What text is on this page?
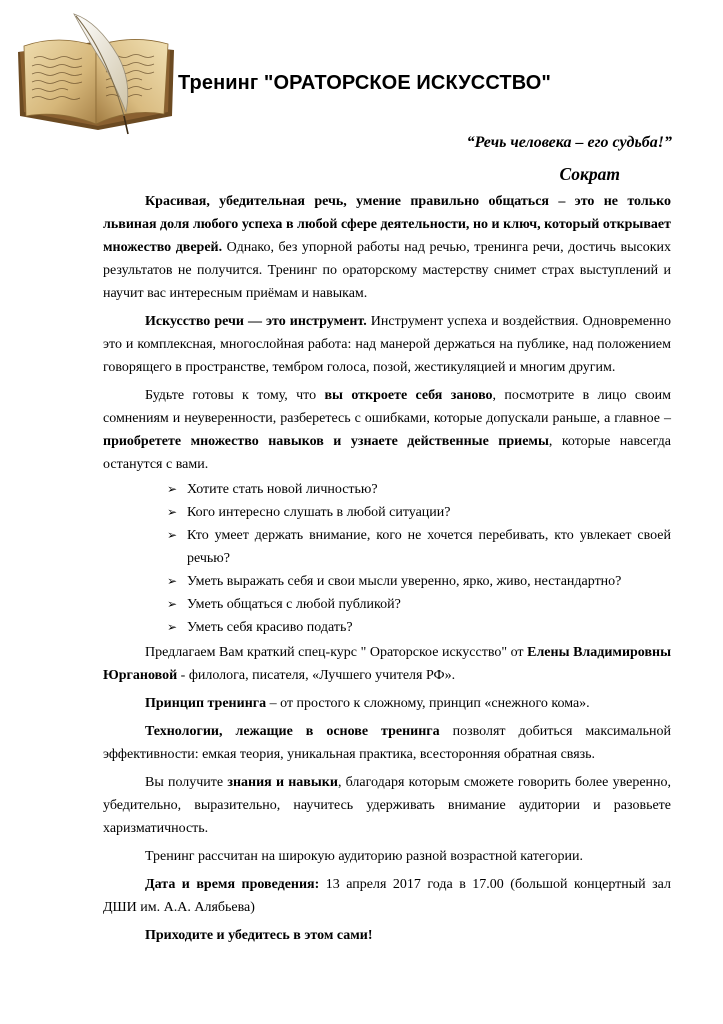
Тренинг "ОРАТОРСКОЕ ИСКУССТВО"
“Речь человека – его судьба!”
Сократ

Красивая, убедительная речь, умение правильно общаться – это не только львиная доля любого успеха в любой сфере деятельности, но и ключ, который открывает множество дверей. Однако, без упорной работы над речью, тренинга речи, достичь высоких результатов не получится. Тренинг по ораторскому мастерству снимет страх выступлений и научит вас интересным приёмам и навыкам.

Искусство речи — это инструмент. Инструмент успеха и воздействия. Одновременно это и комплексная, многослойная работа: над манерой держаться на публике, над положением говорящего в пространстве, тембром голоса, позой, жестикуляцией и многим другим.

Будьте готовы к тому, что вы откроете себя заново, посмотрите в лицо своим сомнениям и неуверенности, разберетесь с ошибками, которые допускали раньше, а главное – приобретете множество навыков и узнаете действенные приемы, которые навсегда останутся с вами.

➢ Хотите стать новой личностью?
➢ Кого интересно слушать в любой ситуации?
➢ Кто умеет держать внимание, кого не хочется перебивать, кто увлекает своей речью?
➢ Уметь выражать себя и свои мысли уверенно, ярко, живо, нестандартно?
➢ Уметь общаться с любой публикой?
➢ Уметь себя красиво подать?

Предлагаем Вам краткий спец-курс " Ораторское искусство" от Елены Владимировны Юргановой - филолога, писателя, «Лучшего учителя РФ».

Принцип тренинга – от простого к сложному, принцип «снежного кома».

Технологии, лежащие в основе тренинга позволят добиться максимальной эффективности: емкая теория, уникальная практика, всесторонняя обратная связь.

Вы получите знания и навыки, благодаря которым сможете говорить более уверенно, убедительно, выразительно, научитесь удерживать внимание аудитории и разовьете харизматичность.

Тренинг рассчитан на широкую аудиторию разной возрастной категории.

Дата и время проведения: 13 апреля 2017 года в 17.00 (большой концертный зал ДШИ им. А.А. Алябьева)

Приходите и убедитесь в этом сами!
